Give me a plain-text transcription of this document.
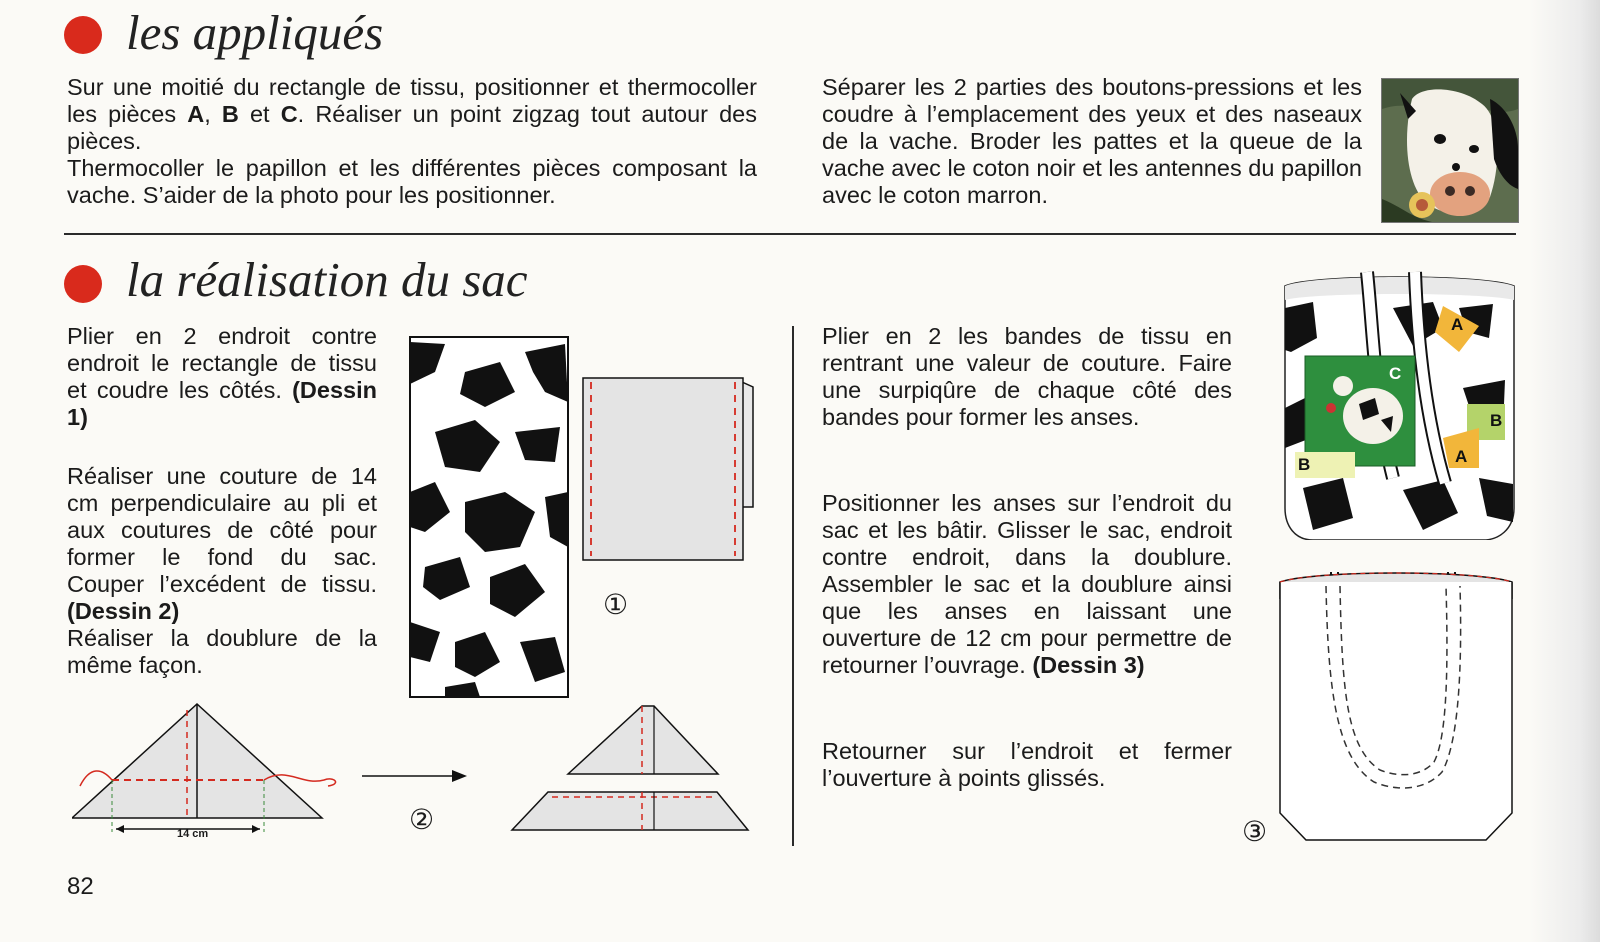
les appliqués

Sur une moitié du rectangle de tissu, positionner et thermocoller les pièces A, B et C. Réaliser un point zigzag tout autour des pièces.
Thermocoller le papillon et les différentes pièces composant la vache. S’aider de la photo pour les positionner.

Séparer les 2 parties des boutons-pressions et les coudre à l’emplacement des yeux et des naseaux de la vache. Broder les pattes et la queue de la vache avec le coton noir et les antennes du papillon avec le coton marron.

la réalisation du sac

Plier en 2 endroit contre endroit le rectangle de tissu et coudre les côtés. (Dessin 1)

Réaliser une couture de 14 cm perpendiculaire au pli et aux coutures de côté pour former le fond du sac. Couper l’excédent de tissu. (Dessin 2)
Réaliser la doublure de la même façon.

Plier en 2 les bandes de tissu en rentrant une valeur de couture. Faire une surpiqûre de chaque côté des bandes pour former les anses.

Positionner les anses sur l’endroit du sac et les bâtir. Glisser le sac, endroit contre endroit, dans la doublure. Assembler le sac et la doublure ainsi que les anses en laissant une ouverture de 12 cm pour permettre de retourner l’ouvrage. (Dessin 3)

Retourner sur l’endroit et fermer l’ouverture à points glissés.

①
14 cm	②
A
B
A
C
B
③
82
